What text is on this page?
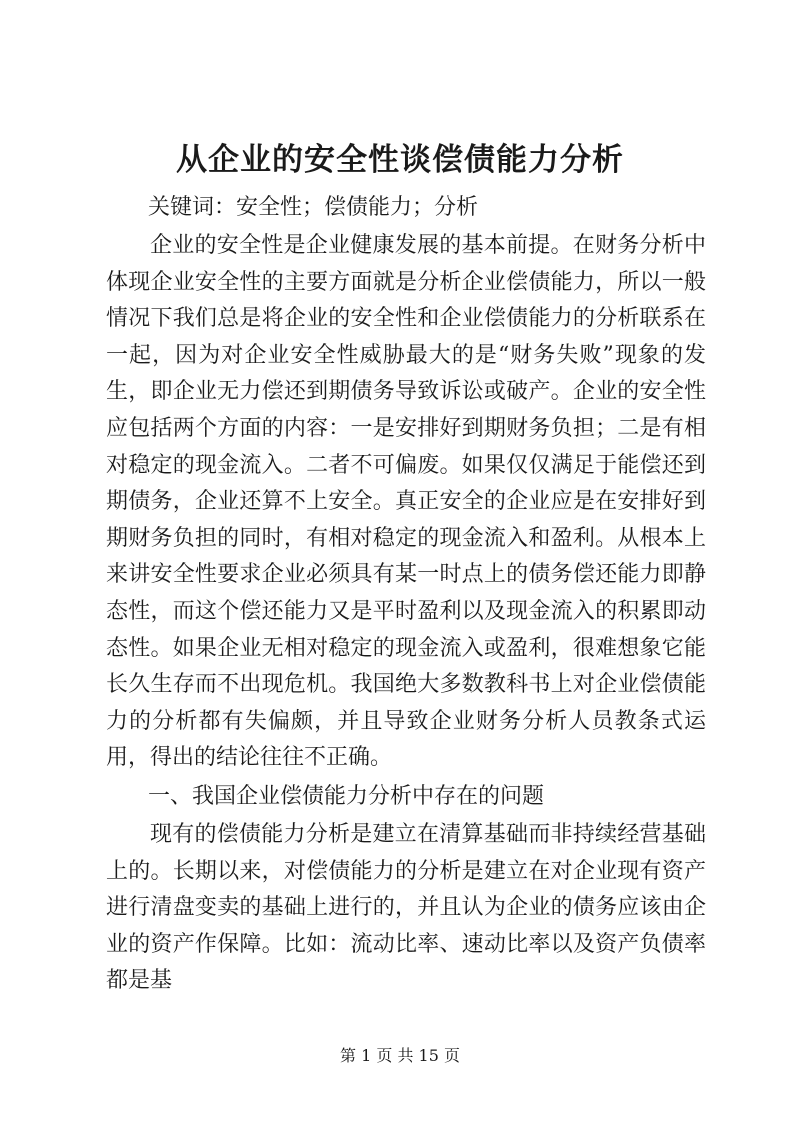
从企业的安全性谈偿债能力分析
关键词：安全性；偿债能力；分析
企业的安全性是企业健康发展的基本前提。在财务分析中体现企业安全性的主要方面就是分析企业偿债能力，所以一般情况下我们总是将企业的安全性和企业偿债能力的分析联系在一起，因为对企业安全性威胁最大的是“财务失败”现象的发生，即企业无力偿还到期债务导致诉讼或破产。企业的安全性应包括两个方面的内容：一是安排好到期财务负担；二是有相对稳定的现金流入。二者不可偏废。如果仅仅满足于能偿还到期债务，企业还算不上安全。真正安全的企业应是在安排好到期财务负担的同时，有相对稳定的现金流入和盈利。从根本上来讲安全性要求企业必须具有某一时点上的债务偿还能力即静态性，而这个偿还能力又是平时盈利以及现金流入的积累即动态性。如果企业无相对稳定的现金流入或盈利，很难想象它能长久生存而不出现危机。我国绝大多数教科书上对企业偿债能力的分析都有失偏颇，并且导致企业财务分析人员教条式运用，得出的结论往往不正确。
一、我国企业偿债能力分析中存在的问题
现有的偿债能力分析是建立在清算基础而非持续经营基础上的。长期以来，对偿债能力的分析是建立在对企业现有资产进行清盘变卖的基础上进行的，并且认为企业的债务应该由企业的资产作保障。比如：流动比率、速动比率以及资产负债率都是基
第 1 页 共 15 页
